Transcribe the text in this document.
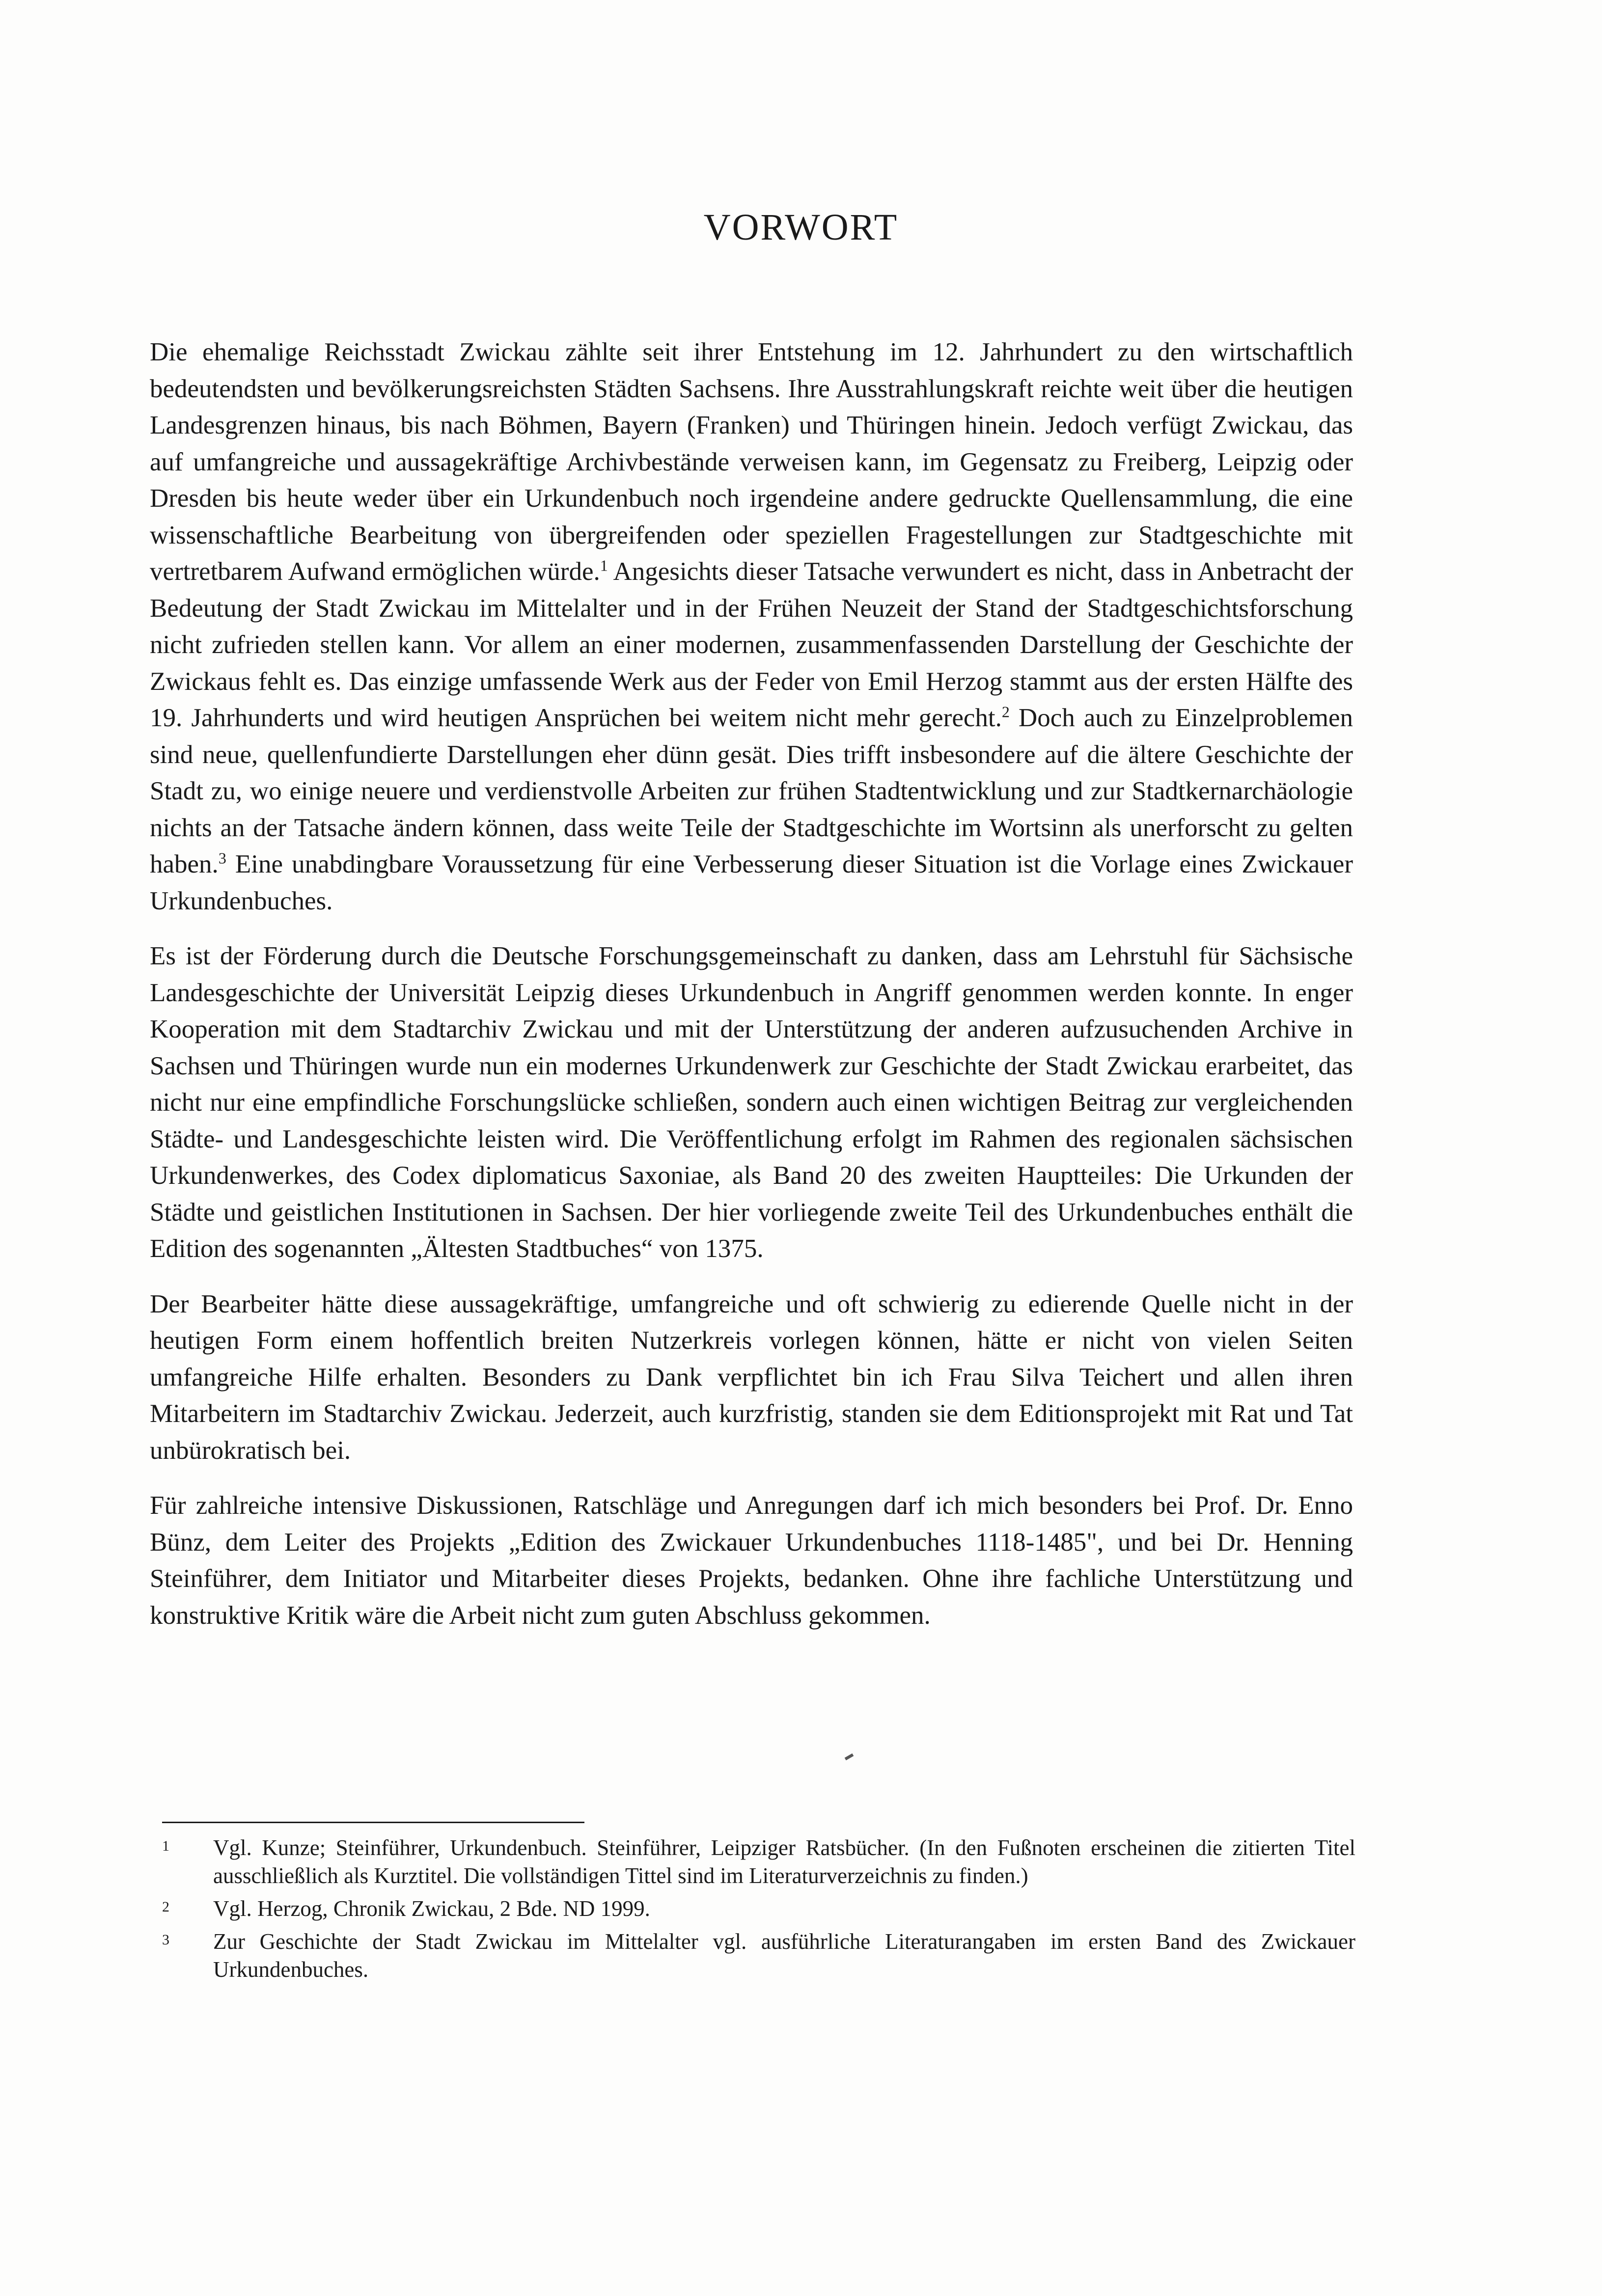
VORWORT

Die ehemalige Reichsstadt Zwickau zählte seit ihrer Entstehung im 12. Jahrhundert zu den wirtschaftlich bedeutendsten und bevölkerungsreichsten Städten Sachsens. Ihre Ausstrahlungskraft reichte weit über die heutigen Landesgrenzen hinaus, bis nach Böhmen, Bayern (Franken) und Thüringen hinein. Jedoch verfügt Zwickau, das auf umfangreiche und aussagekräftige Archivbestände verweisen kann, im Gegensatz zu Freiberg, Leipzig oder Dresden bis heute weder über ein Urkundenbuch noch irgendeine andere gedruckte Quellensammlung, die eine wissenschaftliche Bearbeitung von übergreifenden oder speziellen Fragestellungen zur Stadtgeschichte mit vertretbarem Aufwand ermöglichen würde.$^1$ Angesichts dieser Tatsache verwundert es nicht, dass in Anbetracht der Bedeutung der Stadt Zwickau im Mittelalter und in der Frühen Neuzeit der Stand der Stadtgeschichtsforschung nicht zufrieden stellen kann. Vor allem an einer modernen, zusammenfassenden Darstellung der Geschichte der Zwickaus fehlt es. Das einzige umfassende Werk aus der Feder von Emil Herzog stammt aus der ersten Hälfte des 19. Jahrhunderts und wird heutigen Ansprüchen bei weitem nicht mehr gerecht.$^2$ Doch auch zu Einzelproblemen sind neue, quellenfundierte Darstellungen eher dünn gesät. Dies trifft insbesondere auf die ältere Geschichte der Stadt zu, wo einige neuere und verdienstvolle Arbeiten zur frühen Stadtentwicklung und zur Stadtkernarchäologie nichts an der Tatsache ändern können, dass weite Teile der Stadtgeschichte im Wortsinn als unerforscht zu gelten haben.$^3$ Eine unabdingbare Voraussetzung für eine Verbesserung dieser Situation ist die Vorlage eines Zwickauer Urkundenbuches.

Es ist der Förderung durch die Deutsche Forschungsgemeinschaft zu danken, dass am Lehrstuhl für Sächsische Landesgeschichte der Universität Leipzig dieses Urkundenbuch in Angriff genommen werden konnte. In enger Kooperation mit dem Stadtarchiv Zwickau und mit der Unterstützung der anderen aufzusuchenden Archive in Sachsen und Thüringen wurde nun ein modernes Urkundenwerk zur Geschichte der Stadt Zwickau erarbeitet, das nicht nur eine empfindliche Forschungslücke schließen, sondern auch einen wichtigen Beitrag zur vergleichenden Städte- und Landesgeschichte leisten wird. Die Veröffentlichung erfolgt im Rahmen des regionalen sächsischen Urkundenwerkes, des Codex diplomaticus Saxoniae, als Band 20 des zweiten Hauptteiles: Die Urkunden der Städte und geistlichen Institutionen in Sachsen. Der hier vorliegende zweite Teil des Urkundenbuches enthält die Edition des sogenannten „Ältesten Stadtbuches“ von 1375.

Der Bearbeiter hätte diese aussagekräftige, umfangreiche und oft schwierig zu edierende Quelle nicht in der heutigen Form einem hoffentlich breiten Nutzerkreis vorlegen können, hätte er nicht von vielen Seiten umfangreiche Hilfe erhalten. Besonders zu Dank verpflichtet bin ich Frau Silva Teichert und allen ihren Mitarbeitern im Stadtarchiv Zwickau. Jederzeit, auch kurzfristig, standen sie dem Editionsprojekt mit Rat und Tat unbürokratisch bei.

Für zahlreiche intensive Diskussionen, Ratschläge und Anregungen darf ich mich besonders bei Prof. Dr. Enno Bünz, dem Leiter des Projekts „Edition des Zwickauer Urkundenbuches 1118-1485", und bei Dr. Henning Steinführer, dem Initiator und Mitarbeiter dieses Projekts, bedanken. Ohne ihre fachliche Unterstützung und konstruktive Kritik wäre die Arbeit nicht zum guten Abschluss gekommen.

1 Vgl. Kunze; Steinführer, Urkundenbuch. Steinführer, Leipziger Ratsbücher. (In den Fußnoten erscheinen die zitierten Titel ausschließlich als Kurztitel. Die vollständigen Tittel sind im Literaturverzeichnis zu finden.)
2 Vgl. Herzog, Chronik Zwickau, 2 Bde. ND 1999.
3 Zur Geschichte der Stadt Zwickau im Mittelalter vgl. ausführliche Literaturangaben im ersten Band des Zwickauer Urkundenbuches.
